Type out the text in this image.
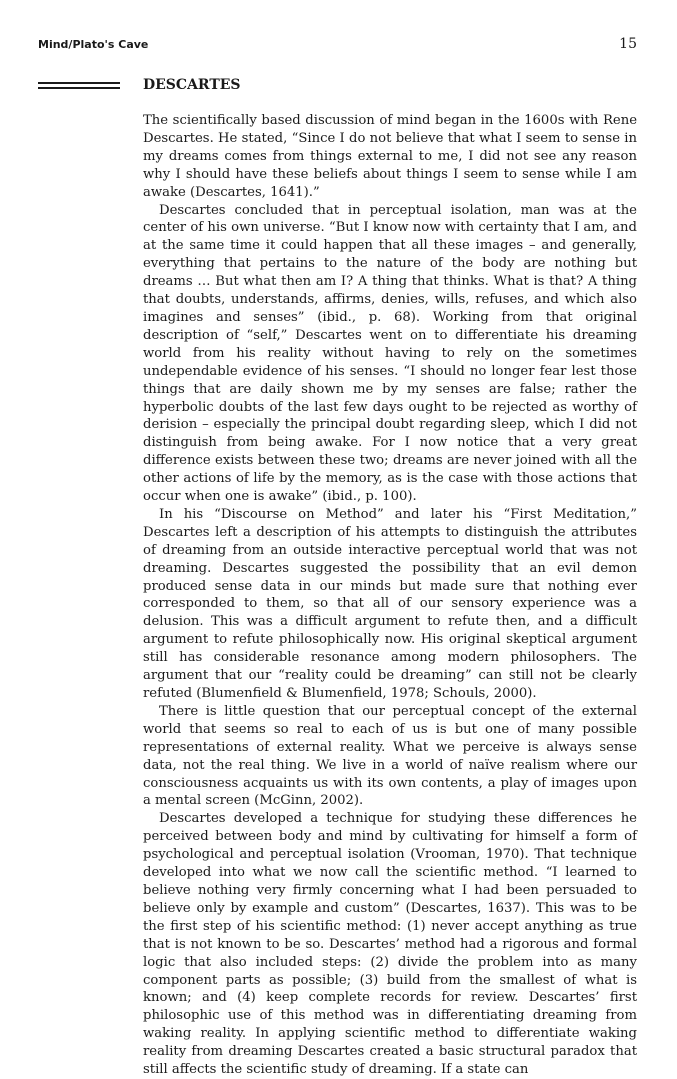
Mind/Plato's Cave	15
DESCARTES

The scientifically based discussion of mind began in the 1600s with Rene Descartes. He stated, “Since I do not believe that what I seem to sense in my dreams comes from things external to me, I did not see any reason why I should have these beliefs about things I seem to sense while I am awake (Descartes, 1641).”

Descartes concluded that in perceptual isolation, man was at the center of his own universe. “But I know now with certainty that I am, and at the same time it could happen that all these images – and generally, everything that pertains to the nature of the body are nothing but dreams … But what then am I? A thing that thinks. What is that? A thing that doubts, understands, affirms, denies, wills, refuses, and which also imagines and senses” (ibid., p. 68). Working from that original description of “self,” Descartes went on to differentiate his dreaming world from his reality without having to rely on the sometimes undependable evidence of his senses. “I should no longer fear lest those things that are daily shown me by my senses are false; rather the hyperbolic doubts of the last few days ought to be rejected as worthy of derision – especially the principal doubt regarding sleep, which I did not distinguish from being awake. For I now notice that a very great difference exists between these two; dreams are never joined with all the other actions of life by the memory, as is the case with those actions that occur when one is awake” (ibid., p. 100).

In his “Discourse on Method” and later his “First Meditation,” Descartes left a description of his attempts to distinguish the attributes of dreaming from an outside interactive perceptual world that was not dreaming. Descartes suggested the possibility that an evil demon produced sense data in our minds but made sure that nothing ever corresponded to them, so that all of our sensory experience was a delusion. This was a difficult argument to refute then, and a difficult argument to refute philosophically now. His original skeptical argument still has considerable resonance among modern philosophers. The argument that our “reality could be dreaming” can still not be clearly refuted (Blumenfield & Blumenfield, 1978; Schouls, 2000).

There is little question that our perceptual concept of the external world that seems so real to each of us is but one of many possible representations of external reality. What we perceive is always sense data, not the real thing. We live in a world of naïve realism where our consciousness acquaints us with its own contents, a play of images upon a mental screen (McGinn, 2002).

Descartes developed a technique for studying these differences he perceived between body and mind by cultivating for himself a form of psychological and perceptual isolation (Vrooman, 1970). That technique developed into what we now call the scientific method. “I learned to believe nothing very firmly concerning what I had been persuaded to believe only by example and custom” (Descartes, 1637). This was to be the first step of his scientific method: (1) never accept anything as true that is not known to be so. Descartes’ method had a rigorous and formal logic that also included steps: (2) divide the problem into as many component parts as possible; (3) build from the smallest of what is known; and (4) keep complete records for review. Descartes’ first philosophic use of this method was in differentiating dreaming from waking reality. In applying scientific method to differentiate waking reality from dreaming Descartes created a basic structural paradox that still affects the scientific study of dreaming. If a state can
